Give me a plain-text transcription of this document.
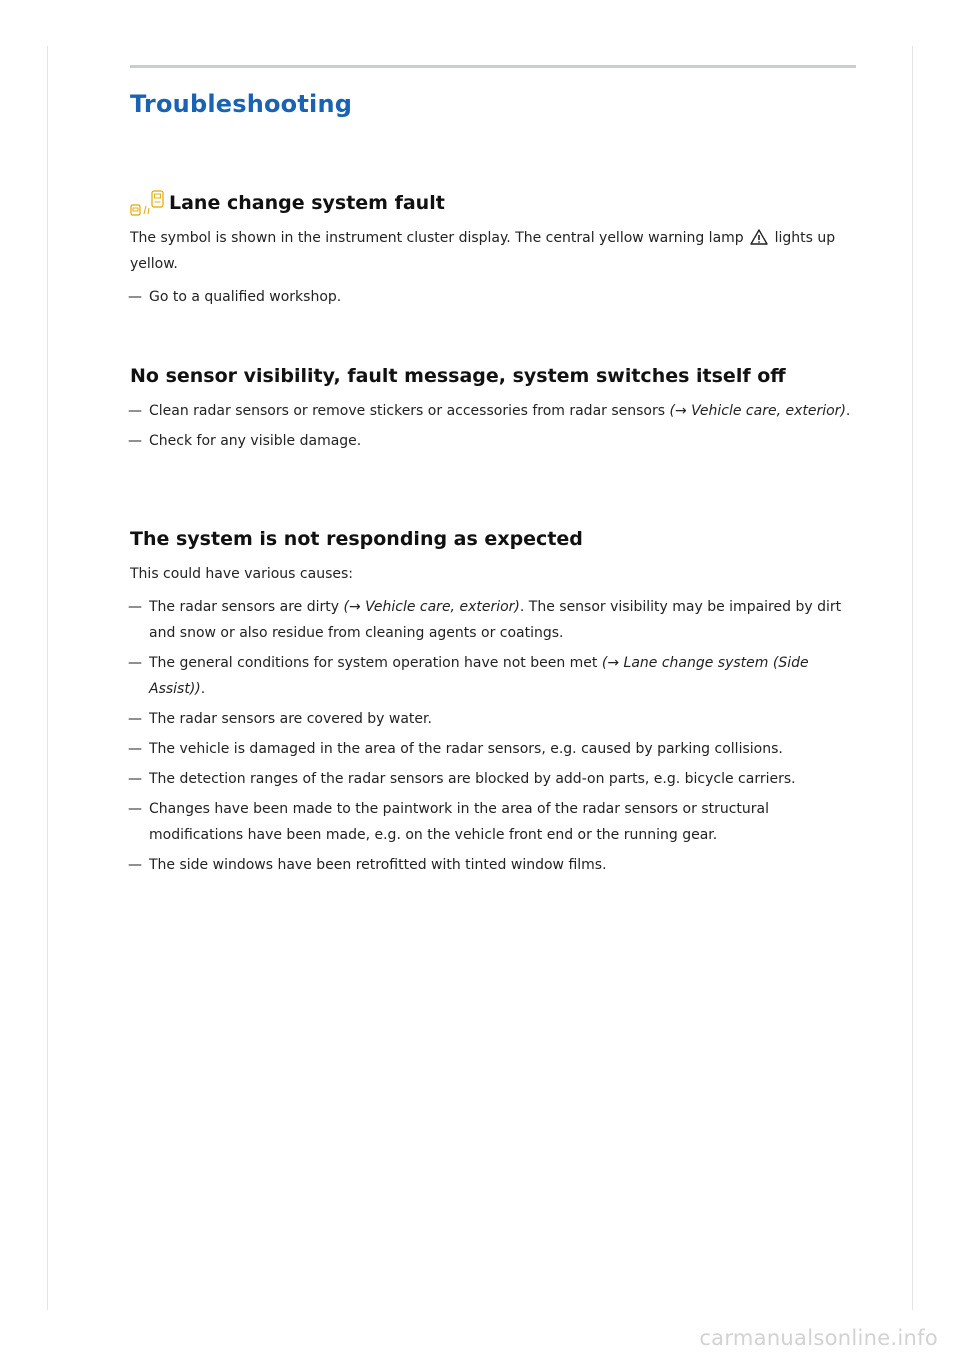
Troubleshooting
Lane change system fault

The symbol is shown in the instrument cluster display. The central yellow warning lamp lights up yellow.

— Go to a qualified workshop.
No sensor visibility, fault message, system switches itself off
— Clean radar sensors or remove stickers or accessories from radar sensors (→ Vehicle care, exterior).
— Check for any visible damage.
The system is not responding as expected

This could have various causes:

— The radar sensors are dirty (→ Vehicle care, exterior). The sensor visibility may be impaired by dirt and snow or also residue from cleaning agents or coatings.
— The general conditions for system operation have not been met (→ Lane change system (Side Assist)).
— The radar sensors are covered by water.
— The vehicle is damaged in the area of the radar sensors, e.g. caused by parking collisions.
— The detection ranges of the radar sensors are blocked by add-on parts, e.g. bicycle carriers.
— Changes have been made to the paintwork in the area of the radar sensors or structural modifications have been made, e.g. on the vehicle front end or the running gear.
— The side windows have been retrofitted with tinted window films.
carmanualsonline.info
